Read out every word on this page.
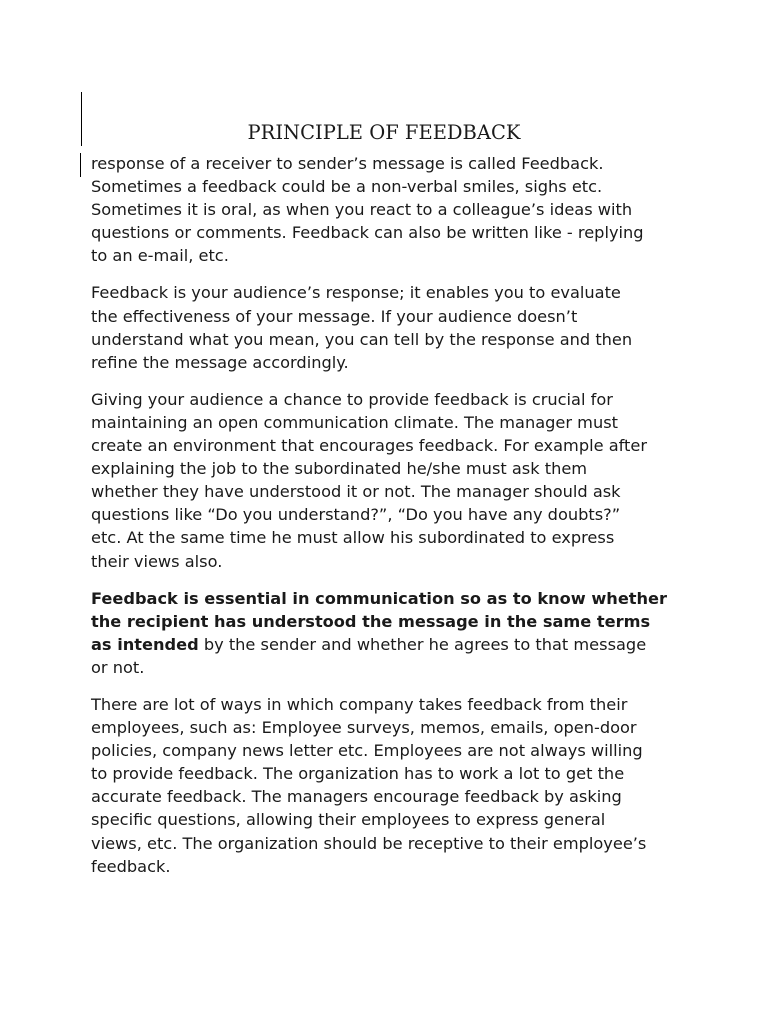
PRINCIPLE OF FEEDBACK

response of a receiver to sender’s message is called Feedback.
Sometimes a feedback could be a non-verbal smiles, sighs etc.
Sometimes it is oral, as when you react to a colleague’s ideas with
questions or comments. Feedback can also be written like - replying
to an e-mail, etc.

Feedback is your audience’s response; it enables you to evaluate
the effectiveness of your message. If your audience doesn’t
understand what you mean, you can tell by the response and then
refine the message accordingly.

Giving your audience a chance to provide feedback is crucial for
maintaining an open communication climate. The manager must
create an environment that encourages feedback. For example after
explaining the job to the subordinated he/she must ask them
whether they have understood it or not. The manager should ask
questions like “Do you understand?”, “Do you have any doubts?”
etc. At the same time he must allow his subordinated to express
their views also.

Feedback is essential in communication so as to know whether
the recipient has understood the message in the same terms
as intended by the sender and whether he agrees to that message
or not.

There are lot of ways in which company takes feedback from their
employees, such as: Employee surveys, memos, emails, open-door
policies, company news letter etc. Employees are not always willing
to provide feedback. The organization has to work a lot to get the
accurate feedback. The managers encourage feedback by asking
specific questions, allowing their employees to express general
views, etc. The organization should be receptive to their employee’s
feedback.
